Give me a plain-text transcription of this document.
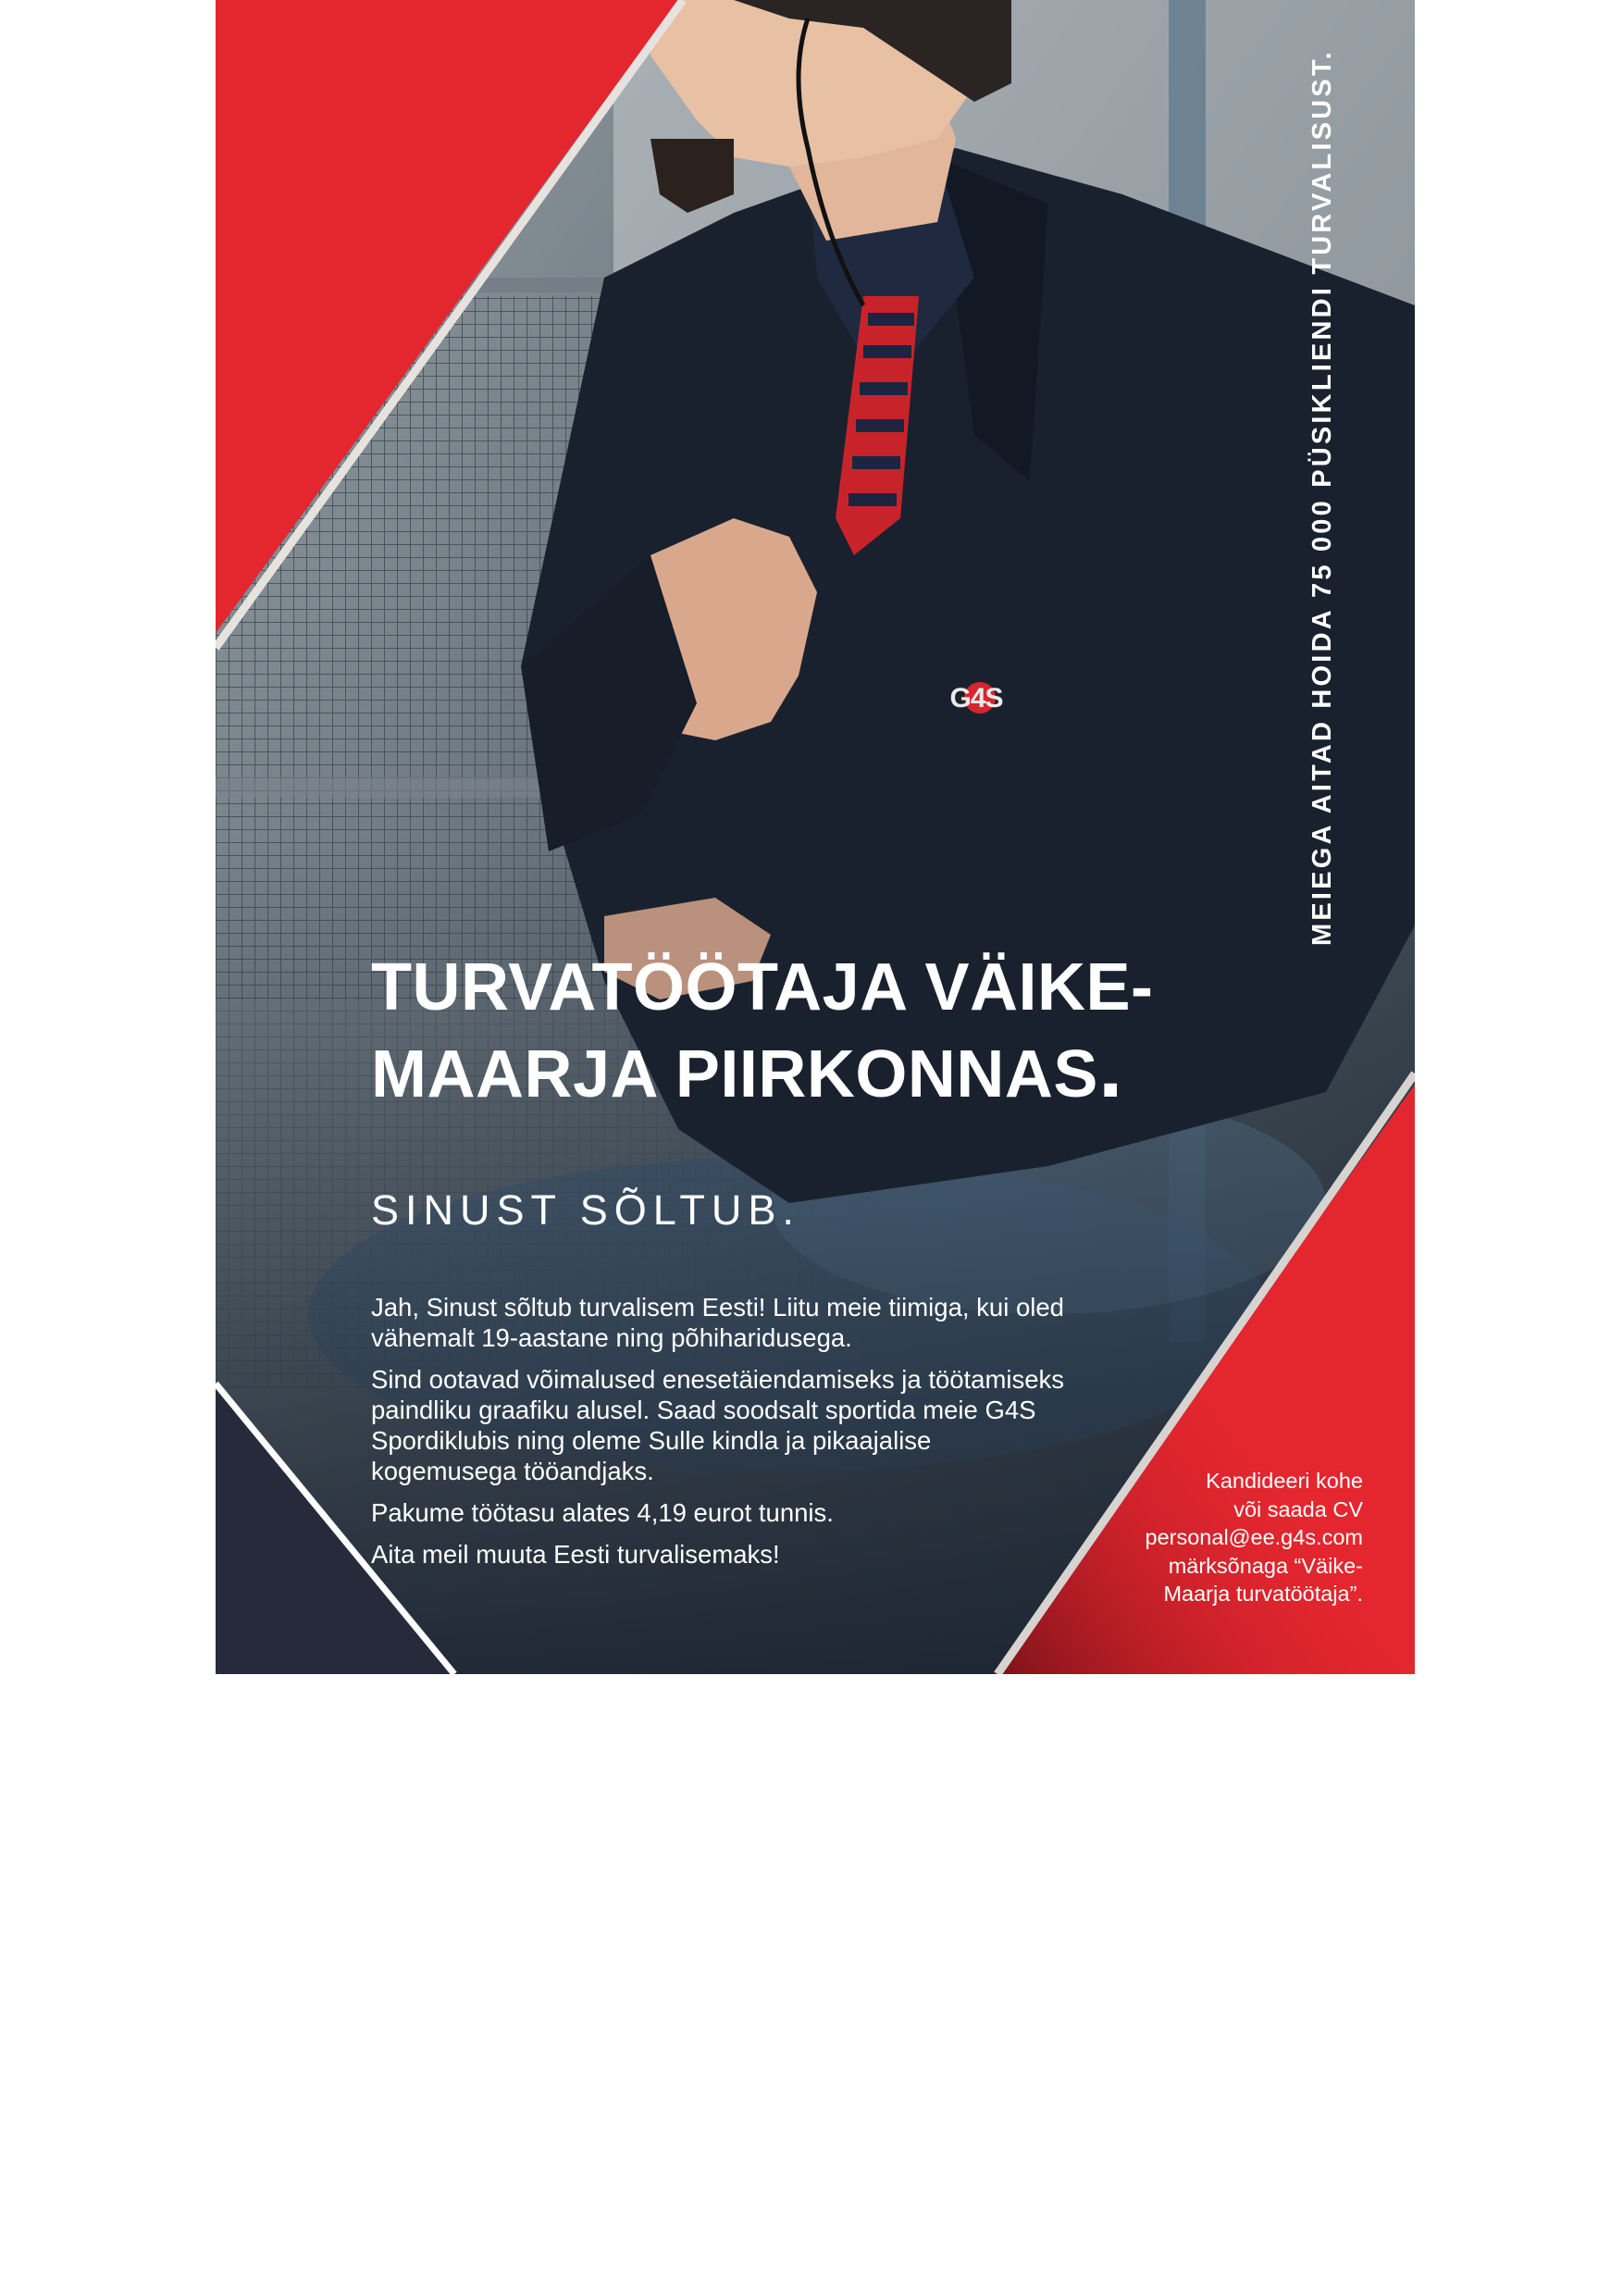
G4S	MEIEGA AITAD HOIDA 75 000 PÜSIKLIENDI TURVALISUST.
TURVATÖÖTAJA VÄIKE-
MAARJA PIIRKONNAS.
SINUST SÕLTUB.

Jah, Sinust sõltub turvalisem Eesti! Liitu meie tiimiga, kui oled vähemalt 19-aastane ning põhiharidusega.

Sind ootavad võimalused enesetäiendamiseks ja töötamiseks paindliku graafiku alusel. Saad soodsalt sportida meie G4S Spordiklubis ning oleme Sulle kindla ja pikaajalise kogemusega tööandjaks.

Pakume töötasu alates 4,19 eurot tunnis.

Aita meil muuta Eesti turvalisemaks!

Kandideeri kohe
või saada CV
personal@ee.g4s.com
märksõnaga “Väike-
Maarja turvatöötaja”.
